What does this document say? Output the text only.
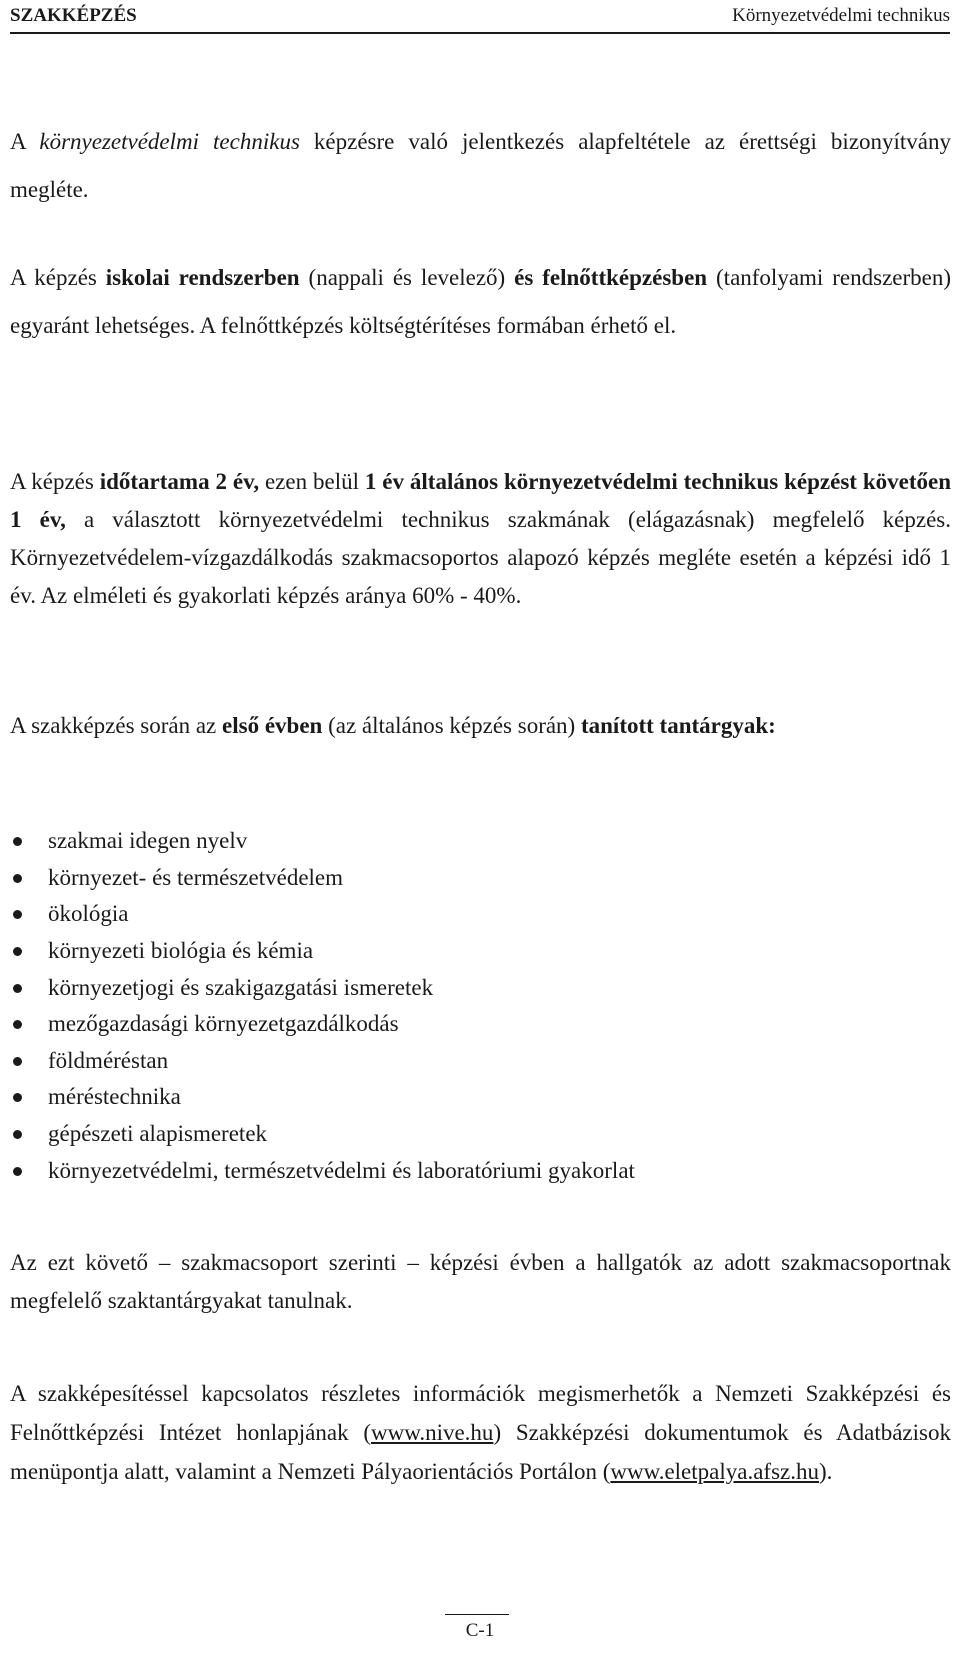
SZAKKÉPZÉS	Környezetvédelmi technikus

A környezetvédelmi technikus képzésre való jelentkezés alapfeltétele az érettségi bizonyítvány megléte.

A képzés iskolai rendszerben (nappali és levelező) és felnőttképzésben (tanfolyami rendszerben) egyaránt lehetséges. A felnőttképzés költségtérítéses formában érhető el.

A képzés időtartama 2 év, ezen belül 1 év általános környezetvédelmi technikus képzést követően 1 év, a választott környezetvédelmi technikus szakmának (elágazásnak) megfelelő képzés. Környezetvédelem-vízgazdálkodás szakmacsoportos alapozó képzés megléte esetén a képzési idő 1 év. Az elméleti és gyakorlati képzés aránya 60% - 40%.

A szakképzés során az első évben (az általános képzés során) tanított tantárgyak:

szakmai idegen nyelv
környezet- és természetvédelem
ökológia
környezeti biológia és kémia
környezetjogi és szakigazgatási ismeretek
mezőgazdasági környezetgazdálkodás
földméréstan
méréstechnika
gépészeti alapismeretek
környezetvédelmi, természetvédelmi és laboratóriumi gyakorlat

Az ezt követő – szakmacsoport szerinti – képzési évben a hallgatók az adott szakmacsoportnak megfelelő szaktantárgyakat tanulnak.

A szakképesítéssel kapcsolatos részletes információk megismerhetők a Nemzeti Szakképzési és Felnőttképzési Intézet honlapjának (www.nive.hu) Szakképzési dokumentumok és Adatbázisok menüpontja alatt, valamint a Nemzeti Pályaorientációs Portálon (www.eletpalya.afsz.hu).

C-1
